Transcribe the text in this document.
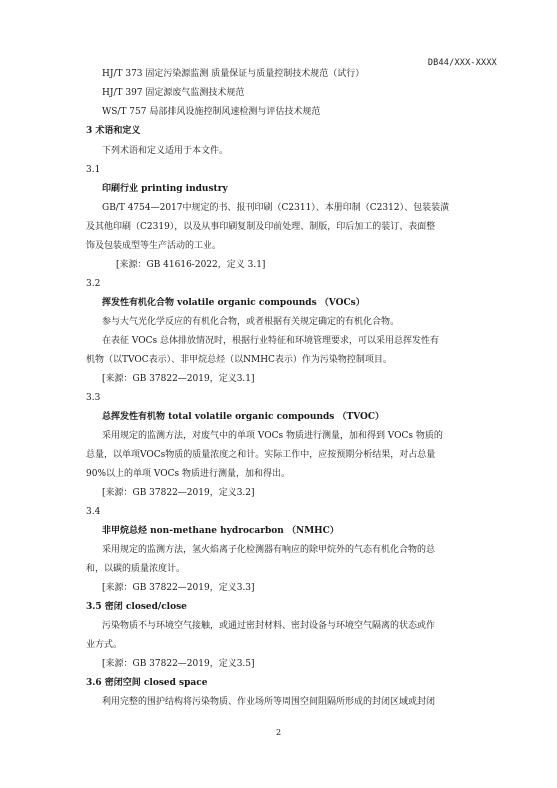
DB44/XXX-XXXX
HJ/T 373 固定污染源监测 质量保证与质量控制技术规范（试行）
HJ/T 397 固定源废气监测技术规范
WS/T 757 局部排风设施控制风速检测与评估技术规范
3 术语和定义
下列术语和定义适用于本文件。
3.1
印刷行业 printing industry
GB/T 4754—2017中规定的书、报刊印刷（C2311）、本册印制（C2312）、包装装潢
及其他印刷（C2319），以及从事印刷复制及印前处理、制版，印后加工的装订、表面整
饰及包装成型等生产活动的工业。
[来源：GB 41616-2022，定义 3.1]
3.2
挥发性有机化合物 volatile organic compounds （VOCs）
参与大气光化学反应的有机化合物，或者根据有关规定确定的有机化合物。
在表征 VOCs 总体排放情况时，根据行业特征和环境管理要求，可以采用总挥发性有
机物（以TVOC表示）、非甲烷总烃（以NMHC表示）作为污染物控制项目。
[来源：GB 37822—2019，定义3.1]
3.3
总挥发性有机物 total volatile organic compounds （TVOC）
采用规定的监测方法，对废气中的单项 VOCs 物质进行测量，加和得到 VOCs 物质的
总量，以单项VOCs物质的质量浓度之和计。实际工作中，应按预期分析结果，对占总量
90%以上的单项 VOCs 物质进行测量，加和得出。
[来源：GB 37822—2019，定义3.2]
3.4
非甲烷总烃 non-methane hydrocarbon （NMHC）
采用规定的监测方法，氢火焰离子化检测器有响应的除甲烷外的气态有机化合物的总
和，以碳的质量浓度计。
[来源：GB 37822—2019，定义3.3]
3.5 密闭 closed/close
污染物质不与环境空气接触，或通过密封材料、密封设备与环境空气隔离的状态或作
业方式。
[来源：GB 37822—2019，定义3.5]
3.6 密闭空间 closed space
利用完整的围护结构将污染物质、作业场所等周围空间阻隔所形成的封闭区域或封闭
2
